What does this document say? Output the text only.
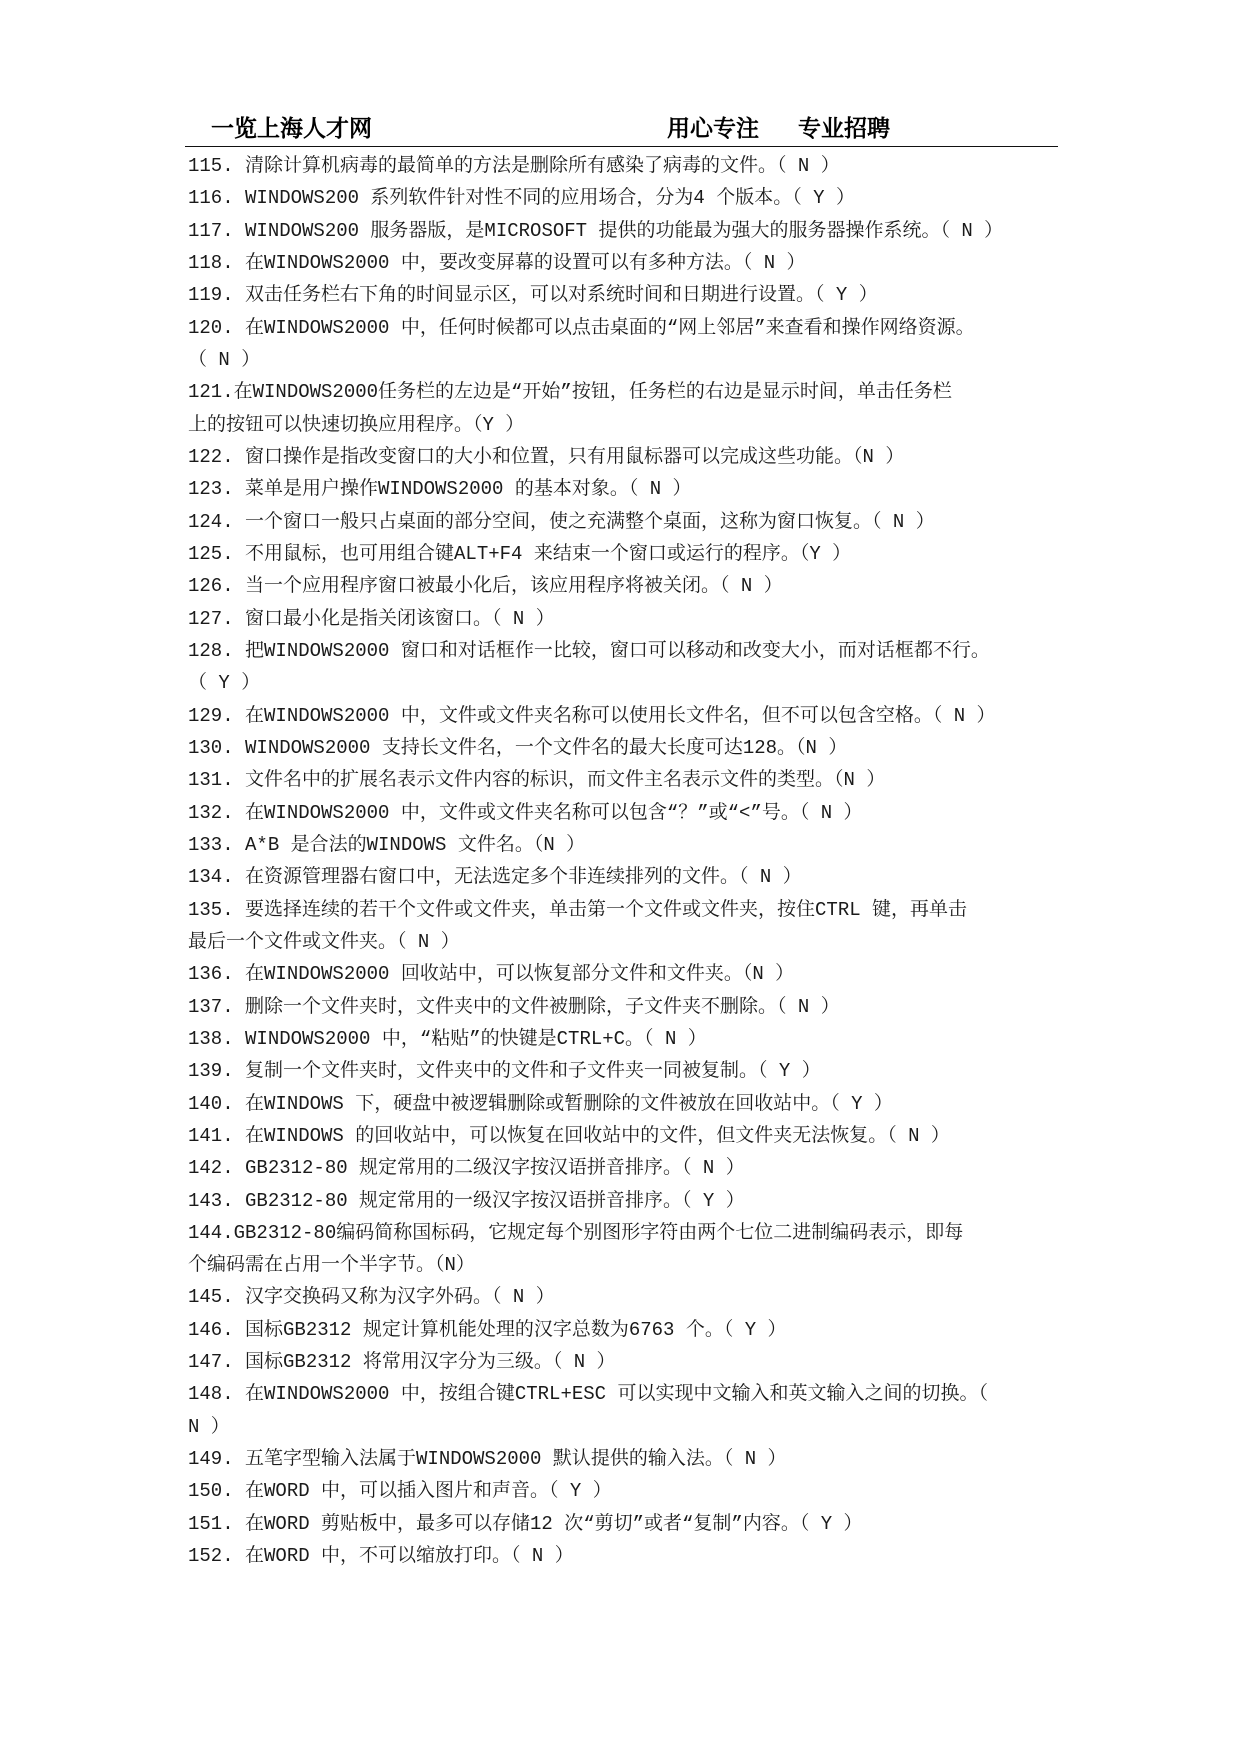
一览上海人才网	用心专注 专业招聘
115. 清除计算机病毒的最简单的方法是删除所有感染了病毒的文件。（ N ）
116. WINDOWS200 系列软件针对性不同的应用场合，分为4 个版本。（ Y ）
117. WINDOWS200 服务器版，是MICROSOFT 提供的功能最为强大的服务器操作系统。（ N ）
118. 在WINDOWS2000 中，要改变屏幕的设置可以有多种方法。（ N ）
119. 双击任务栏右下角的时间显示区，可以对系统时间和日期进行设置。（ Y ）
120. 在WINDOWS2000 中，任何时候都可以点击桌面的“网上邻居”来查看和操作网络资源。
（ N ）
121.在WINDOWS2000任务栏的左边是“开始”按钮，任务栏的右边是显示时间，单击任务栏
上的按钮可以快速切换应用程序。（Y ）
122. 窗口操作是指改变窗口的大小和位置，只有用鼠标器可以完成这些功能。（N ）
123. 菜单是用户操作WINDOWS2000 的基本对象。（ N ）
124. 一个窗口一般只占桌面的部分空间，使之充满整个桌面，这称为窗口恢复。（ N ）
125. 不用鼠标，也可用组合键ALT+F4 来结束一个窗口或运行的程序。（Y ）
126. 当一个应用程序窗口被最小化后，该应用程序将被关闭。（ N ）
127. 窗口最小化是指关闭该窗口。（ N ）
128. 把WINDOWS2000 窗口和对话框作一比较，窗口可以移动和改变大小，而对话框都不行。
（ Y ）
129. 在WINDOWS2000 中，文件或文件夹名称可以使用长文件名，但不可以包含空格。（ N ）
130. WINDOWS2000 支持长文件名，一个文件名的最大长度可达128。（N ）
131. 文件名中的扩展名表示文件内容的标识，而文件主名表示文件的类型。（N ）
132. 在WINDOWS2000 中，文件或文件夹名称可以包含“？”或“<”号。（ N ）
133. A*B 是合法的WINDOWS 文件名。（N ）
134. 在资源管理器右窗口中，无法选定多个非连续排列的文件。（ N ）
135. 要选择连续的若干个文件或文件夹，单击第一个文件或文件夹，按住CTRL 键，再单击
最后一个文件或文件夹。（ N ）
136. 在WINDOWS2000 回收站中，可以恢复部分文件和文件夹。（N ）
137. 删除一个文件夹时，文件夹中的文件被删除，子文件夹不删除。（ N ）
138. WINDOWS2000 中，“粘贴”的快键是CTRL+C。（ N ）
139. 复制一个文件夹时，文件夹中的文件和子文件夹一同被复制。（ Y ）
140. 在WINDOWS 下，硬盘中被逻辑删除或暂删除的文件被放在回收站中。（ Y ）
141. 在WINDOWS 的回收站中，可以恢复在回收站中的文件，但文件夹无法恢复。（ N ）
142. GB2312-80 规定常用的二级汉字按汉语拼音排序。（ N ）
143. GB2312-80 规定常用的一级汉字按汉语拼音排序。（ Y ）
144.GB2312-80编码简称国标码，它规定每个别图形字符由两个七位二进制编码表示，即每
个编码需在占用一个半字节。（N）
145. 汉字交换码又称为汉字外码。（ N ）
146. 国标GB2312 规定计算机能处理的汉字总数为6763 个。（ Y ）
147. 国标GB2312 将常用汉字分为三级。（ N ）
148. 在WINDOWS2000 中，按组合键CTRL+ESC 可以实现中文输入和英文输入之间的切换。（
N ）
149. 五笔字型输入法属于WINDOWS2000 默认提供的输入法。（ N ）
150. 在WORD 中，可以插入图片和声音。（ Y ）
151. 在WORD 剪贴板中，最多可以存储12 次“剪切”或者“复制”内容。（ Y ）
152. 在WORD 中，不可以缩放打印。（ N ）
